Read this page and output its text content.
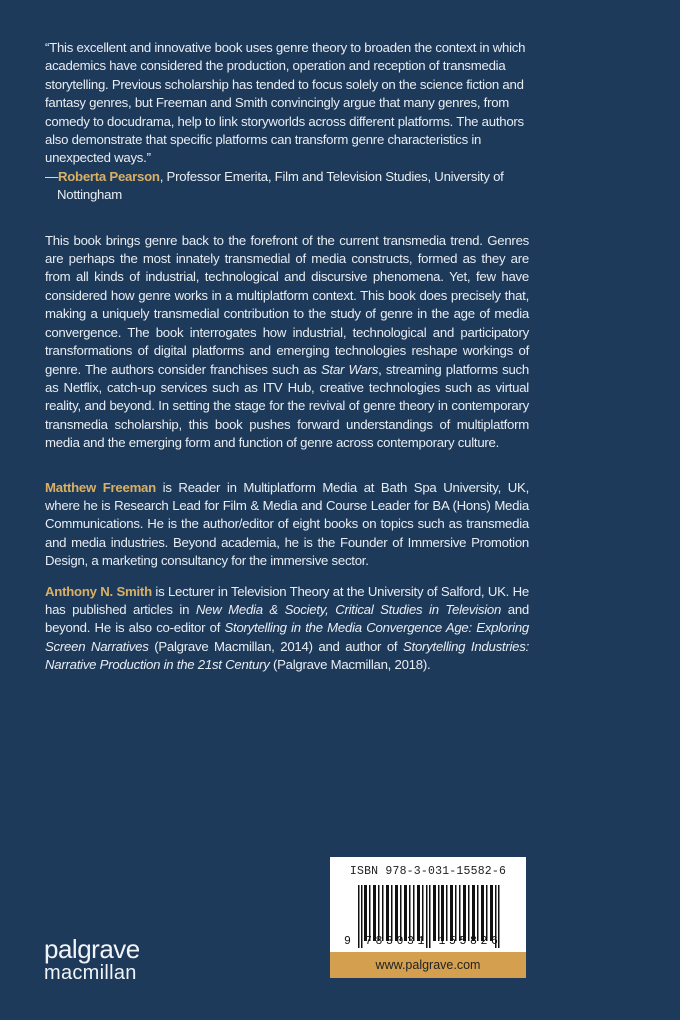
“This excellent and innovative book uses genre theory to broaden the context in which academics have considered the production, operation and reception of transmedia storytelling. Previous scholarship has tended to focus solely on the science fiction and fantasy genres, but Freeman and Smith convincingly argue that many genres, from comedy to docudrama, help to link storyworlds across different platforms. The authors also demonstrate that specific platforms can transform genre characteristics in unexpected ways.”

—Roberta Pearson, Professor Emerita, Film and Television Studies, University of Nottingham

This book brings genre back to the forefront of the current transmedia trend. Genres are perhaps the most innately transmedial of media constructs, formed as they are from all kinds of industrial, technological and discursive phenomena. Yet, few have considered how genre works in a multiplatform context. This book does precisely that, making a uniquely transmedial contribution to the study of genre in the age of media convergence. The book interrogates how industrial, technological and participatory transformations of digital platforms and emerging technologies reshape workings of genre. The authors consider franchises such as Star Wars, streaming platforms such as Netflix, catch-up services such as ITV Hub, creative technologies such as virtual reality, and beyond. In setting the stage for the revival of genre theory in contemporary transmedia scholarship, this book pushes forward understandings of multiplatform media and the emerging form and function of genre across contemporary culture.

Matthew Freeman is Reader in Multiplatform Media at Bath Spa University, UK, where he is Research Lead for Film & Media and Course Leader for BA (Hons) Media Communications. He is the author/editor of eight books on topics such as transmedia and media industries. Beyond academia, he is the Founder of Immersive Promotion Design, a marketing consultancy for the immersive sector.

Anthony N. Smith is Lecturer in Television Theory at the University of Salford, UK. He has published articles in New Media & Society, Critical Studies in Television and beyond. He is also co-editor of Storytelling in the Media Convergence Age: Exploring Screen Narratives (Palgrave Macmillan, 2014) and author of Storytelling Industries: Narrative Production in the 21st Century (Palgrave Macmillan, 2018).

palgrave
macmillan
ISBN 978-3-031-15582-6
9 783031 155826
www.palgrave.com
